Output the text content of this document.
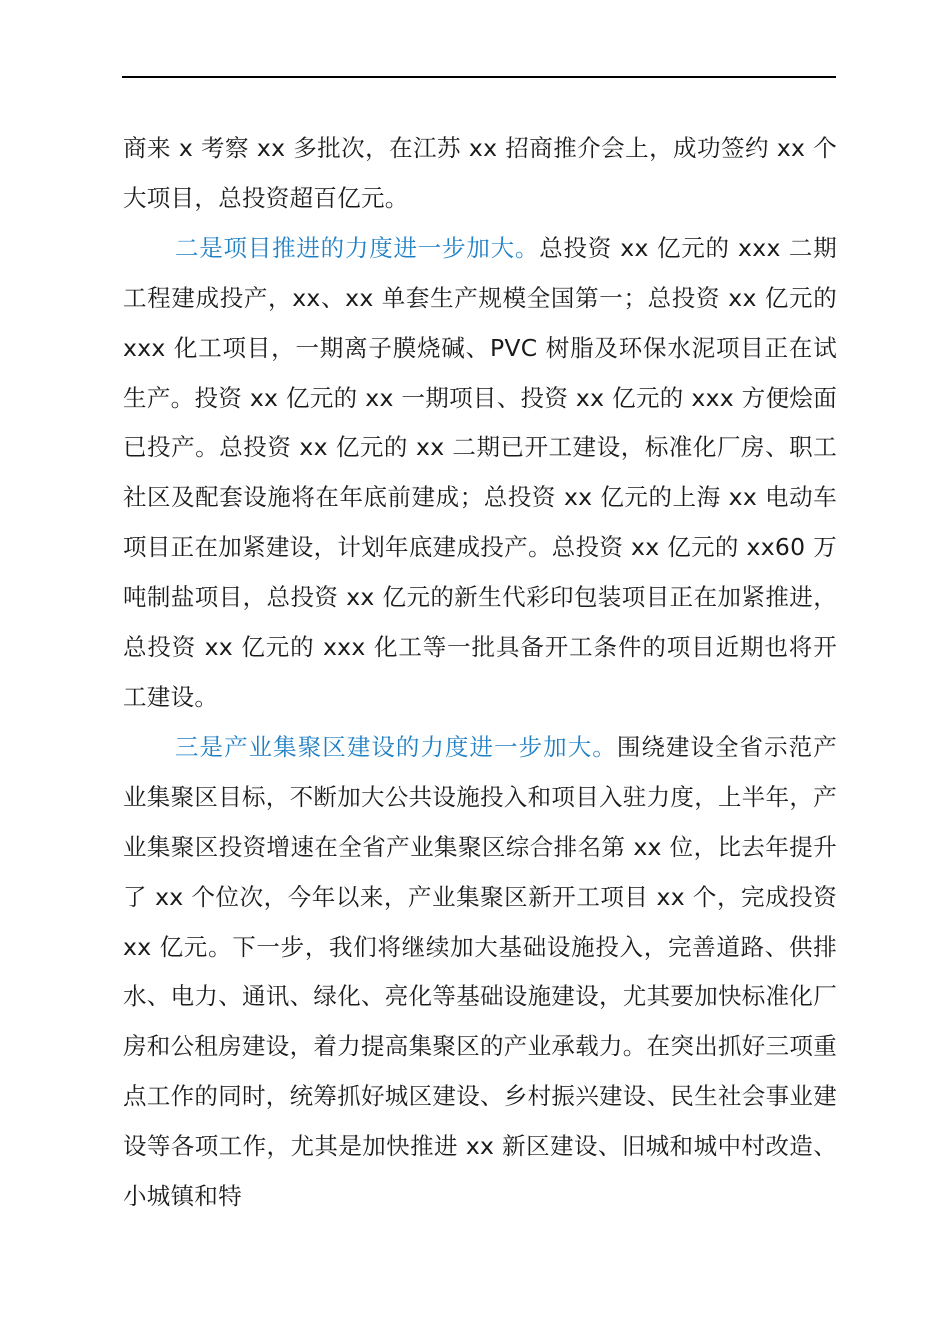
商来 x 考察 xx 多批次，在江苏 xx 招商推介会上，成功签约 xx 个大项目，总投资超百亿元。

二是项目推进的力度进一步加大。总投资 xx 亿元的 xxx 二期工程建成投产，xx、xx 单套生产规模全国第一；总投资 xx 亿元的 xxx 化工项目，一期离子膜烧碱、PVC 树脂及环保水泥项目正在试生产。投资 xx 亿元的 xx 一期项目、投资 xx 亿元的 xxx 方便烩面已投产。总投资 xx 亿元的 xx 二期已开工建设，标准化厂房、职工社区及配套设施将在年底前建成；总投资 xx 亿元的上海 xx 电动车项目正在加紧建设，计划年底建成投产。总投资 xx 亿元的 xx60 万吨制盐项目，总投资 xx 亿元的新生代彩印包装项目正在加紧推进，总投资 xx 亿元的 xxx 化工等一批具备开工条件的项目近期也将开工建设。

三是产业集聚区建设的力度进一步加大。围绕建设全省示范产业集聚区目标，不断加大公共设施投入和项目入驻力度，上半年，产业集聚区投资增速在全省产业集聚区综合排名第 xx 位，比去年提升了 xx 个位次，今年以来，产业集聚区新开工项目 xx 个，完成投资 xx 亿元。下一步，我们将继续加大基础设施投入，完善道路、供排水、电力、通讯、绿化、亮化等基础设施建设，尤其要加快标准化厂房和公租房建设，着力提高集聚区的产业承载力。在突出抓好三项重点工作的同时，统筹抓好城区建设、乡村振兴建设、民生社会事业建设等各项工作，尤其是加快推进 xx 新区建设、旧城和城中村改造、小城镇和特
